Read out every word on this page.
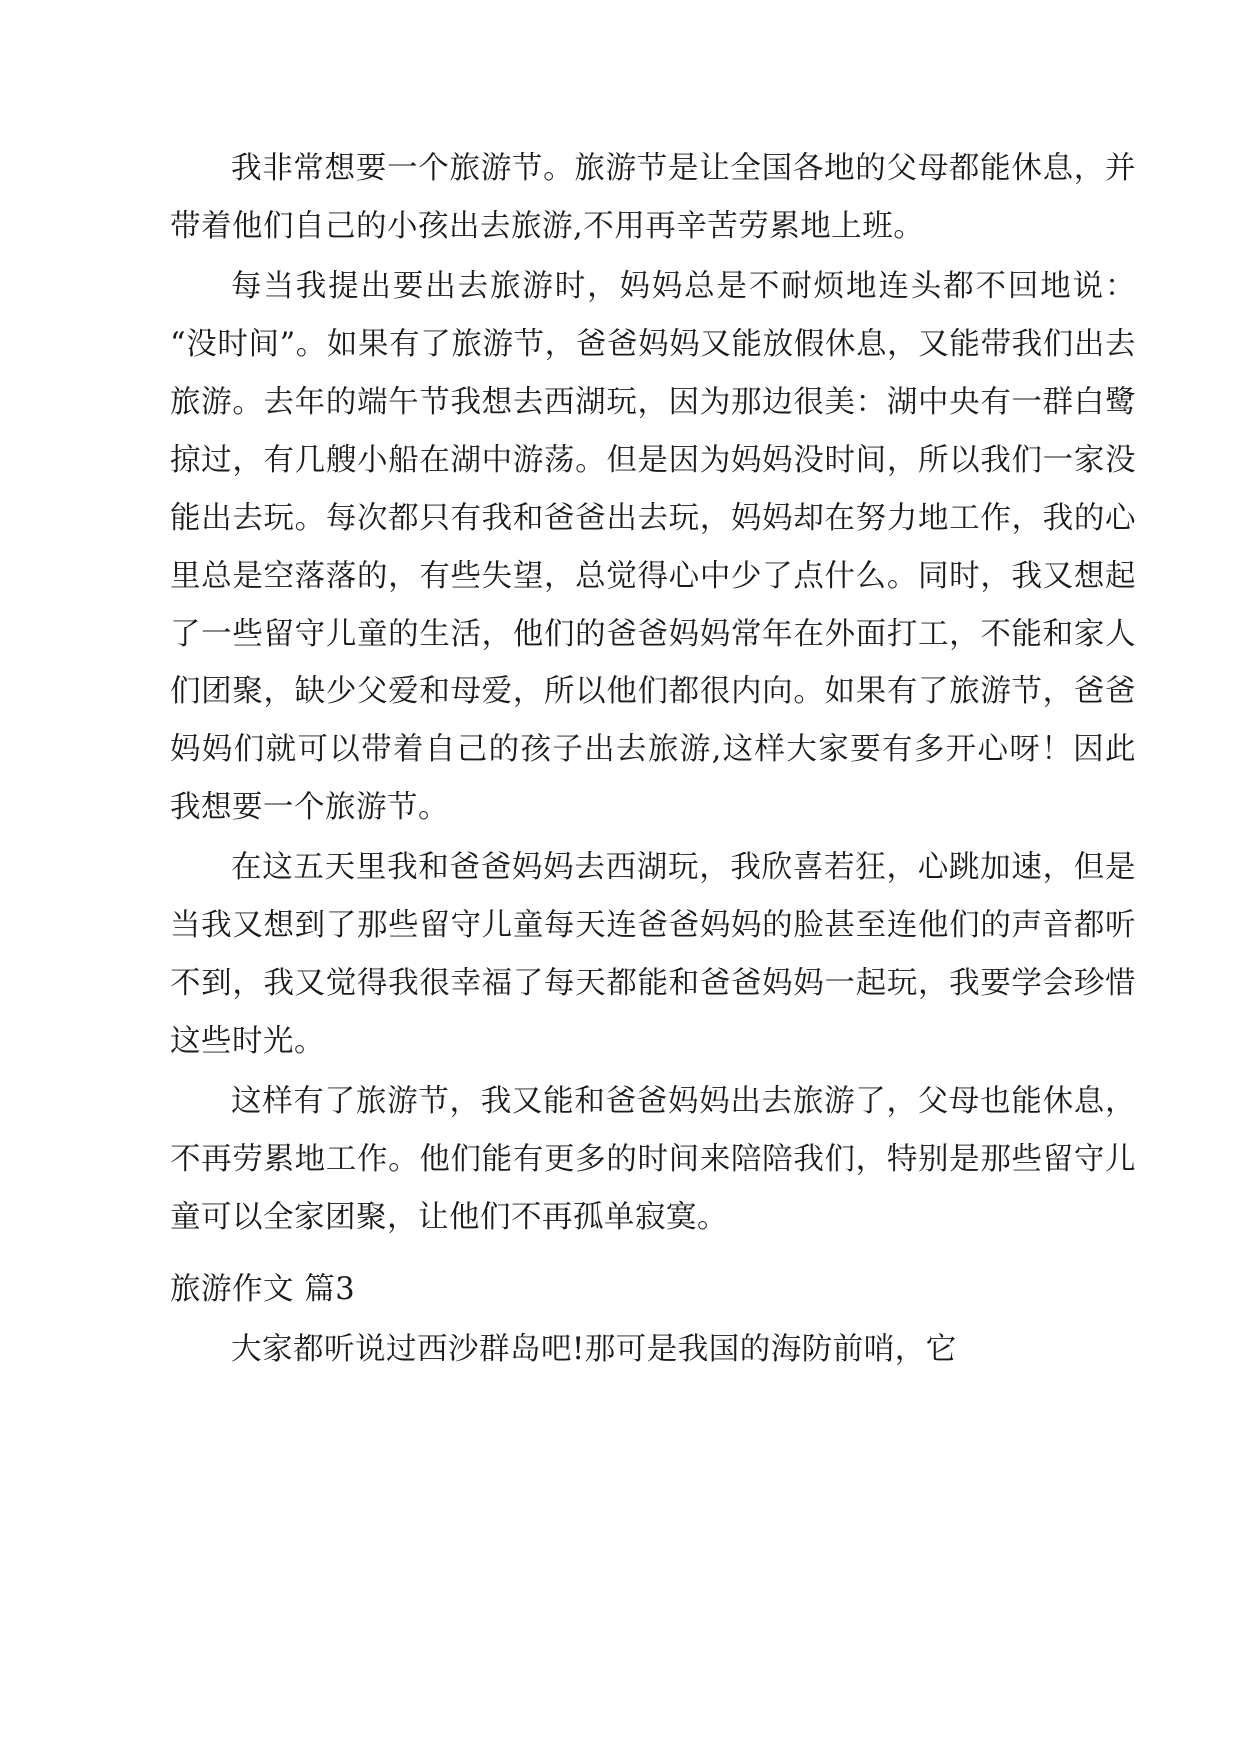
我非常想要一个旅游节。旅游节是让全国各地的父母都能休息，并带着他们自己的小孩出去旅游,不用再辛苦劳累地上班。

每当我提出要出去旅游时，妈妈总是不耐烦地连头都不回地说：“没时间”。如果有了旅游节，爸爸妈妈又能放假休息，又能带我们出去旅游。去年的端午节我想去西湖玩，因为那边很美：湖中央有一群白鹭掠过，有几艘小船在湖中游荡。但是因为妈妈没时间，所以我们一家没能出去玩。每次都只有我和爸爸出去玩，妈妈却在努力地工作，我的心里总是空落落的，有些失望，总觉得心中少了点什么。同时，我又想起了一些留守儿童的生活，他们的爸爸妈妈常年在外面打工，不能和家人们团聚，缺少父爱和母爱，所以他们都很内向。如果有了旅游节，爸爸妈妈们就可以带着自己的孩子出去旅游,这样大家要有多开心呀！因此我想要一个旅游节。

在这五天里我和爸爸妈妈去西湖玩，我欣喜若狂，心跳加速，但是当我又想到了那些留守儿童每天连爸爸妈妈的脸甚至连他们的声音都听不到，我又觉得我很幸福了每天都能和爸爸妈妈一起玩，我要学会珍惜这些时光。

这样有了旅游节，我又能和爸爸妈妈出去旅游了，父母也能休息，不再劳累地工作。他们能有更多的时间来陪陪我们，特别是那些留守儿童可以全家团聚，让他们不再孤单寂寞。

旅游作文 篇3

大家都听说过西沙群岛吧!那可是我国的海防前哨，它
